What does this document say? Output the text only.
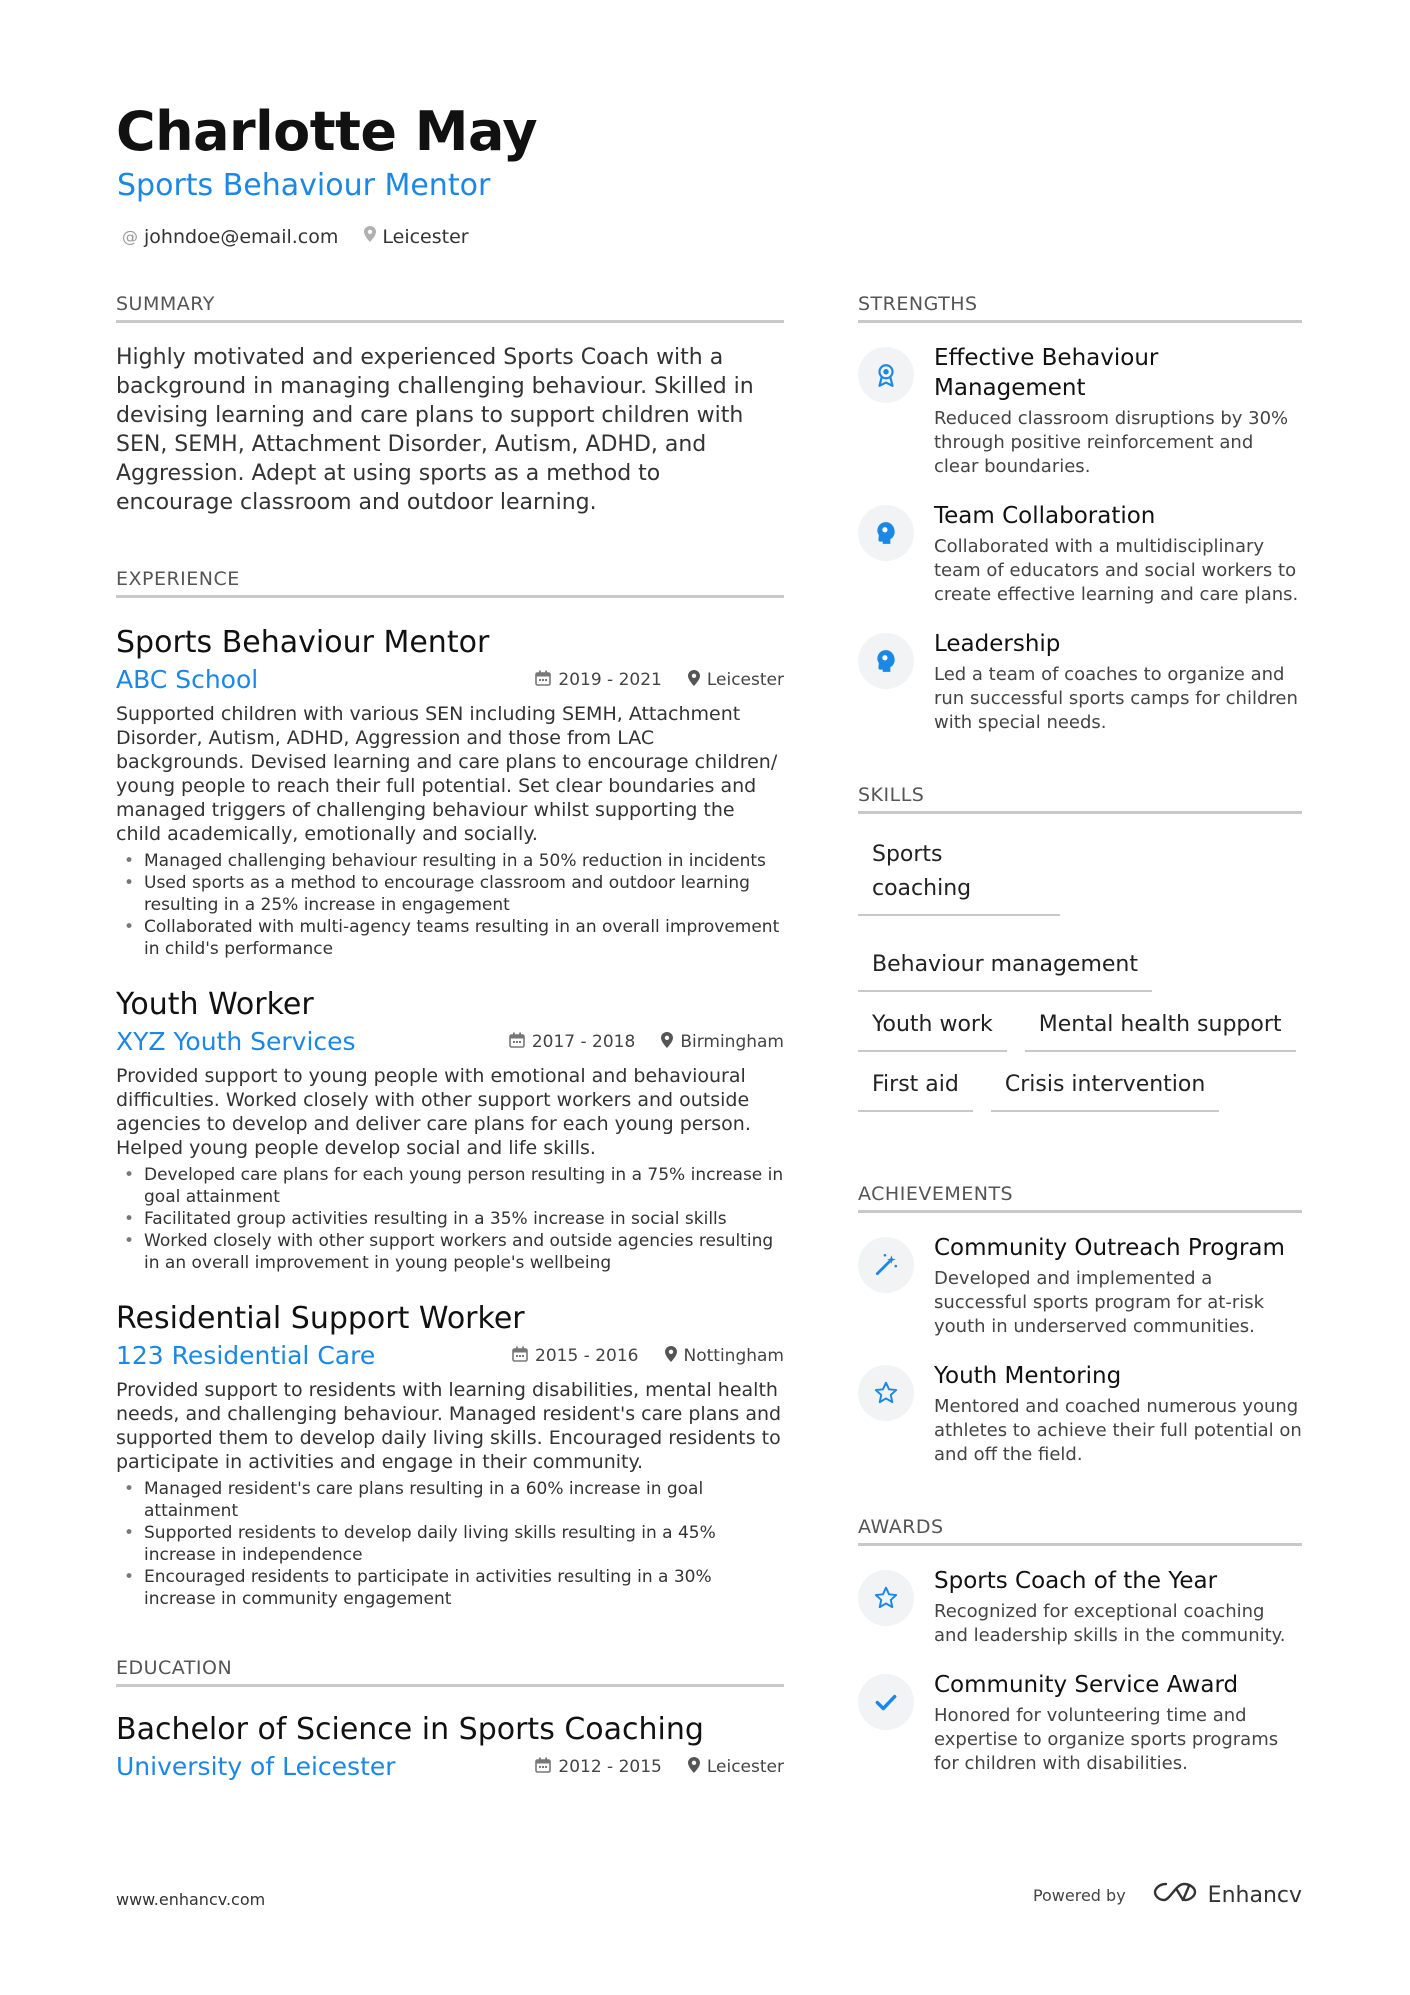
Charlotte May
Sports Behaviour Mentor
@ johndoe@email.com Leicester
SUMMARY
Highly motivated and experienced Sports Coach with a background in managing challenging behaviour. Skilled in devising learning and care plans to support children with SEN, SEMH, Attachment Disorder, Autism, ADHD, and Aggression. Adept at using sports as a method to encourage classroom and outdoor learning.
EXPERIENCE
Sports Behaviour Mentor
ABC School	2019 - 2021	Leicester
Supported children with various SEN including SEMH, Attachment Disorder, Autism, ADHD, Aggression and those from LAC backgrounds. Devised learning and care plans to encourage children/ young people to reach their full potential. Set clear boundaries and managed triggers of challenging behaviour whilst supporting the child academically, emotionally and socially.
• Managed challenging behaviour resulting in a 50% reduction in incidents
• Used sports as a method to encourage classroom and outdoor learning resulting in a 25% increase in engagement
• Collaborated with multi-agency teams resulting in an overall improvement in child's performance
Youth Worker
XYZ Youth Services	2017 - 2018	Birmingham
Provided support to young people with emotional and behavioural difficulties. Worked closely with other support workers and outside agencies to develop and deliver care plans for each young person. Helped young people develop social and life skills.
• Developed care plans for each young person resulting in a 75% increase in goal attainment
• Facilitated group activities resulting in a 35% increase in social skills
• Worked closely with other support workers and outside agencies resulting in an overall improvement in young people's wellbeing
Residential Support Worker
123 Residential Care	2015 - 2016	Nottingham
Provided support to residents with learning disabilities, mental health needs, and challenging behaviour. Managed resident's care plans and supported them to develop daily living skills. Encouraged residents to participate in activities and engage in their community.
• Managed resident's care plans resulting in a 60% increase in goal attainment
• Supported residents to develop daily living skills resulting in a 45% increase in independence
• Encouraged residents to participate in activities resulting in a 30% increase in community engagement
EDUCATION
Bachelor of Science in Sports Coaching
University of Leicester	2012 - 2015	Leicester
STRENGTHS
Effective Behaviour Management
Reduced classroom disruptions by 30% through positive reinforcement and clear boundaries.
Team Collaboration
Collaborated with a multidisciplinary team of educators and social workers to create effective learning and care plans.
Leadership
Led a team of coaches to organize and run successful sports camps for children with special needs.
SKILLS
Sports coaching
Behaviour management
Youth work	Mental health support
First aid	Crisis intervention
ACHIEVEMENTS
Community Outreach Program
Developed and implemented a successful sports program for at-risk youth in underserved communities.
Youth Mentoring
Mentored and coached numerous young athletes to achieve their full potential on and off the field.
AWARDS
Sports Coach of the Year
Recognized for exceptional coaching and leadership skills in the community.
Community Service Award
Honored for volunteering time and expertise to organize sports programs for children with disabilities.
www.enhancv.com	Powered by	Enhancv
